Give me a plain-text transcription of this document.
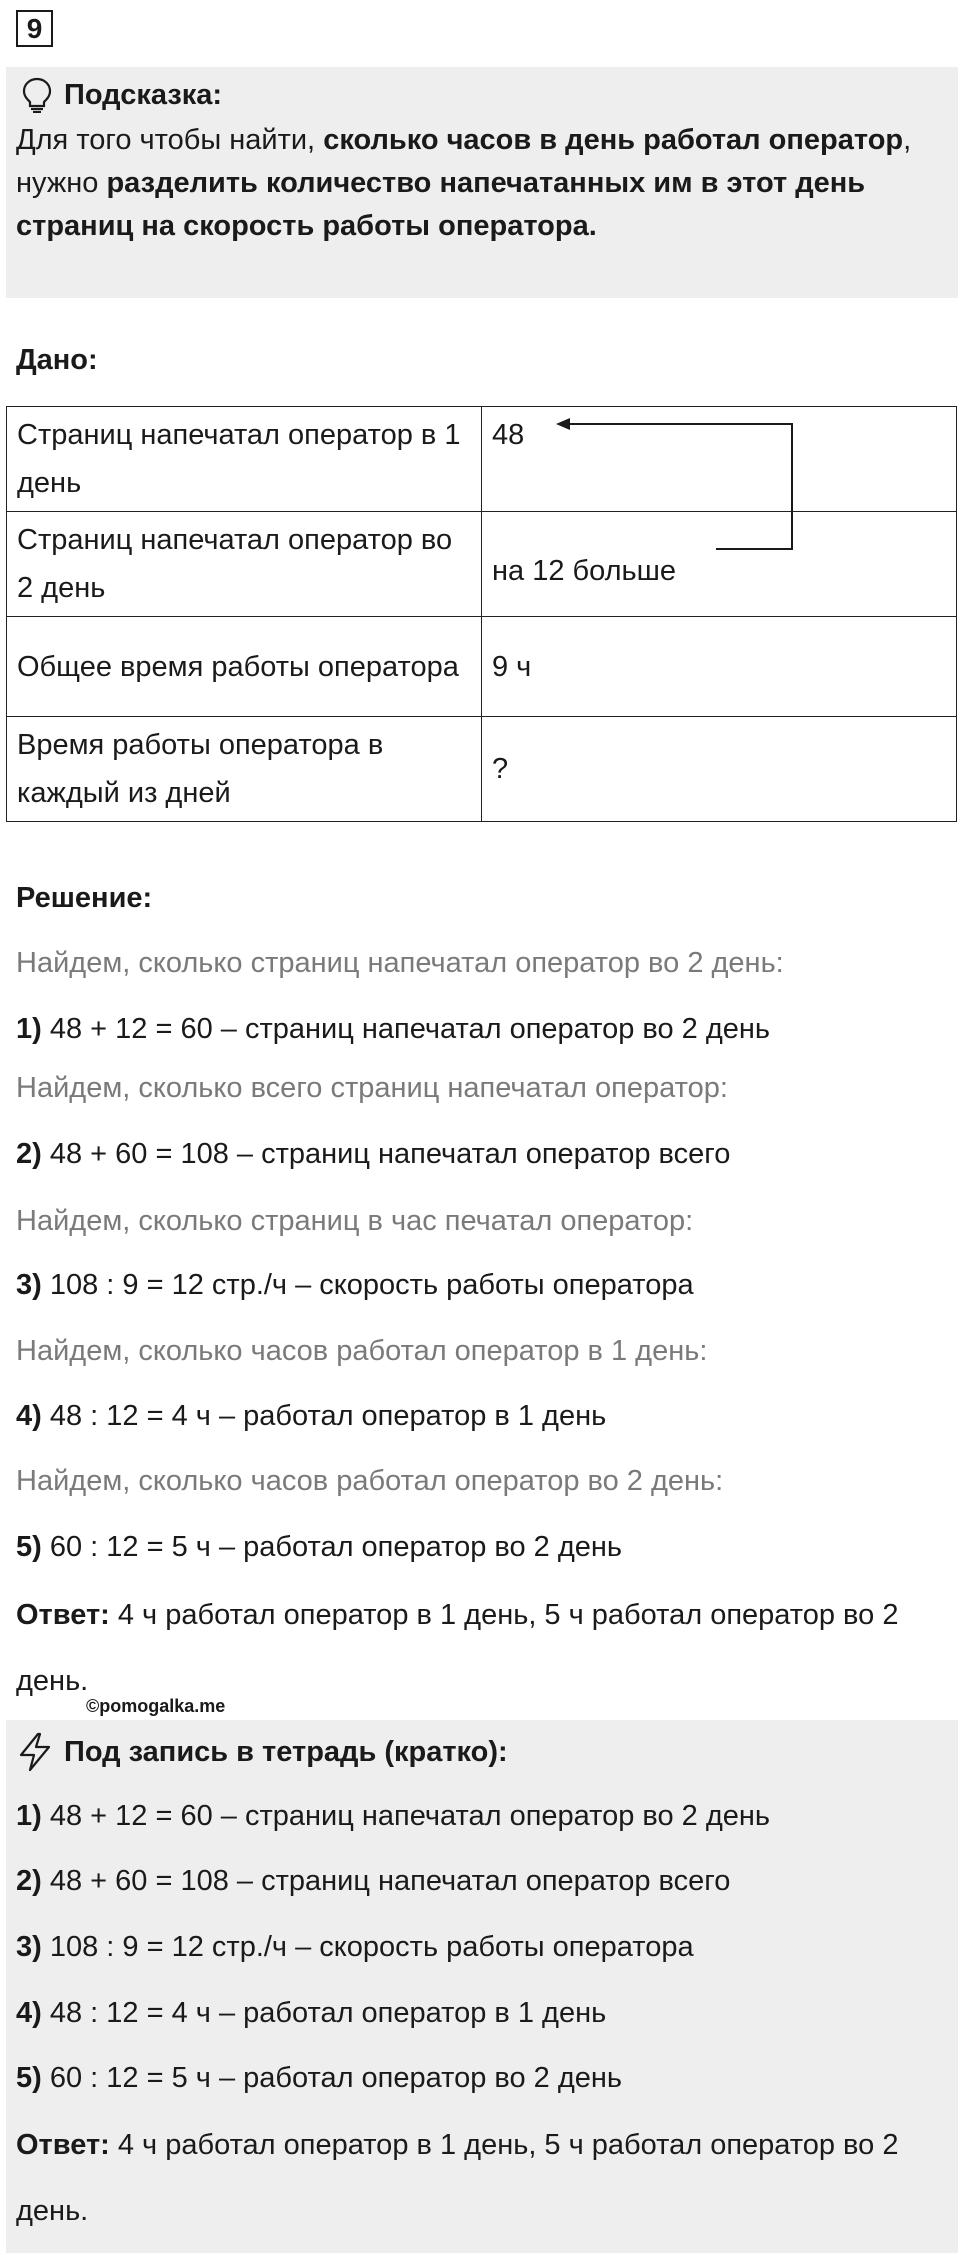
9
Подсказка:
Для того чтобы найти, сколько часов в день работал оператор, нужно разделить количество напечатанных им в этот день страниц на скорость работы оператора.
Дано:
Страниц напечатал оператор в 1 день	48
Страниц напечатал оператор во 2 день	на 12 больше
Общее время работы оператора	9 ч
Время работы оператора в каждый из дней	?
Решение:
Найдем, сколько страниц напечатал оператор во 2 день:
1) 48 + 12 = 60 – страниц напечатал оператор во 2 день
Найдем, сколько всего страниц напечатал оператор:
2) 48 + 60 = 108 – страниц напечатал оператор всего
Найдем, сколько страниц в час печатал оператор:
3) 108 : 9 = 12 стр./ч – скорость работы оператора
Найдем, сколько часов работал оператор в 1 день:
4) 48 : 12 = 4 ч – работал оператор в 1 день
Найдем, сколько часов работал оператор во 2 день:
5) 60 : 12 = 5 ч – работал оператор во 2 день
Ответ: 4 ч работал оператор в 1 день, 5 ч работал оператор во 2 день.
©pomogalka.me
Под запись в тетрадь (кратко):
1) 48 + 12 = 60 – страниц напечатал оператор во 2 день
2) 48 + 60 = 108 – страниц напечатал оператор всего
3) 108 : 9 = 12 стр./ч – скорость работы оператора
4) 48 : 12 = 4 ч – работал оператор в 1 день
5) 60 : 12 = 5 ч – работал оператор во 2 день
Ответ: 4 ч работал оператор в 1 день, 5 ч работал оператор во 2 день.
